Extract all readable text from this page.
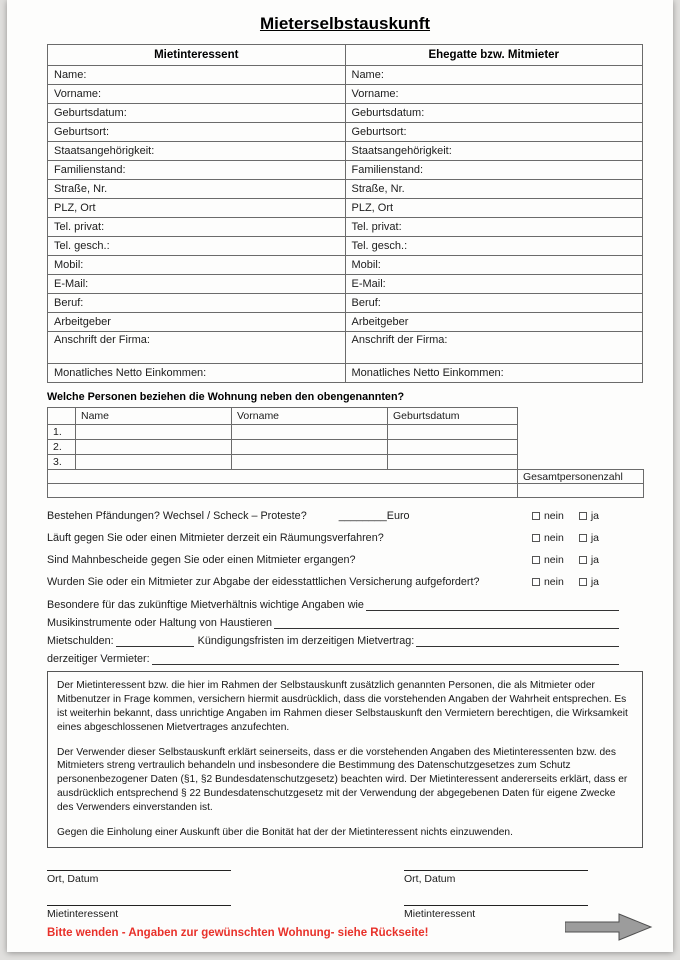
Mieterselbstauskunft
Mietinteressent	Ehegatte bzw. Mitmieter
Name:	Name:
Vorname:	Vorname:
Geburtsdatum:	Geburtsdatum:
Geburtsort:	Geburtsort:
Staatsangehörigkeit:	Staatsangehörigkeit:
Familienstand:	Familienstand:
Straße, Nr.	Straße, Nr.
PLZ, Ort	PLZ, Ort
Tel. privat:	Tel. privat:
Tel. gesch.:	Tel. gesch.:
Mobil:	Mobil:
E-Mail:	E-Mail:
Beruf:	Beruf:
Arbeitgeber	Arbeitgeber
Anschrift der Firma:	Anschrift der Firma:
Monatliches Netto Einkommen:	Monatliches Netto Einkommen:
Welche Personen beziehen die Wohnung neben den obengenannten?
	Name	Vorname	Geburtsdatum	
1.				
2.				
3.				
				Gesamtpersonenzahl

Bestehen Pfändungen? Wechsel / Scheck – Proteste?	________Euro	nein	ja
Läuft gegen Sie oder einen Mitmieter derzeit ein Räumungsverfahren?	nein	ja
Sind Mahnbescheide gegen Sie oder einen Mitmieter ergangen?	nein	ja
Wurden Sie oder ein Mitmieter zur Abgabe der eidesstattlichen Versicherung aufgefordert?	nein	ja
Besondere für das zukünftige Mietverhältnis wichtige Angaben wie
Musikinstrumente oder Haltung von Haustieren
Mietschulden:	Kündigungsfristen im derzeitigen Mietvertrag:
derzeitiger Vermieter:

Der Mietinteressent bzw. die hier im Rahmen der Selbstauskunft zusätzlich genannten Personen, die als Mitmieter oder Mitbenutzer in Frage kommen, versichern hiermit ausdrücklich, dass die vorstehenden Angaben der Wahrheit entsprechen. Es ist weiterhin bekannt, dass unrichtige Angaben im Rahmen dieser Selbstauskunft den Vermietern berechtigen, die Wirksamkeit eines abgeschlossenen Mietvertrages anzufechten.

Der Verwender dieser Selbstauskunft erklärt seinerseits, dass er die vorstehenden Angaben des Mietinteressenten bzw. des Mitmieters streng vertraulich behandeln und insbesondere die Bestimmung des Datenschutzgesetzes zum Schutz personenbezogener Daten (§1, §2 Bundesdatenschutzgesetz) beachten wird. Der Mietinteressent andererseits erklärt, dass er ausdrücklich entsprechend § 22 Bundesdatenschutzgesetz mit der Verwendung der abgegebenen Daten für eigene Zwecke des Verwenders einverstanden ist.

Gegen die Einholung einer Auskunft über die Bonität hat der der Mietinteressent nichts einzuwenden.

Ort, Datum	Ort, Datum
Mietinteressent	Mietinteressent
Bitte wenden - Angaben zur gewünschten Wohnung- siehe Rückseite!
